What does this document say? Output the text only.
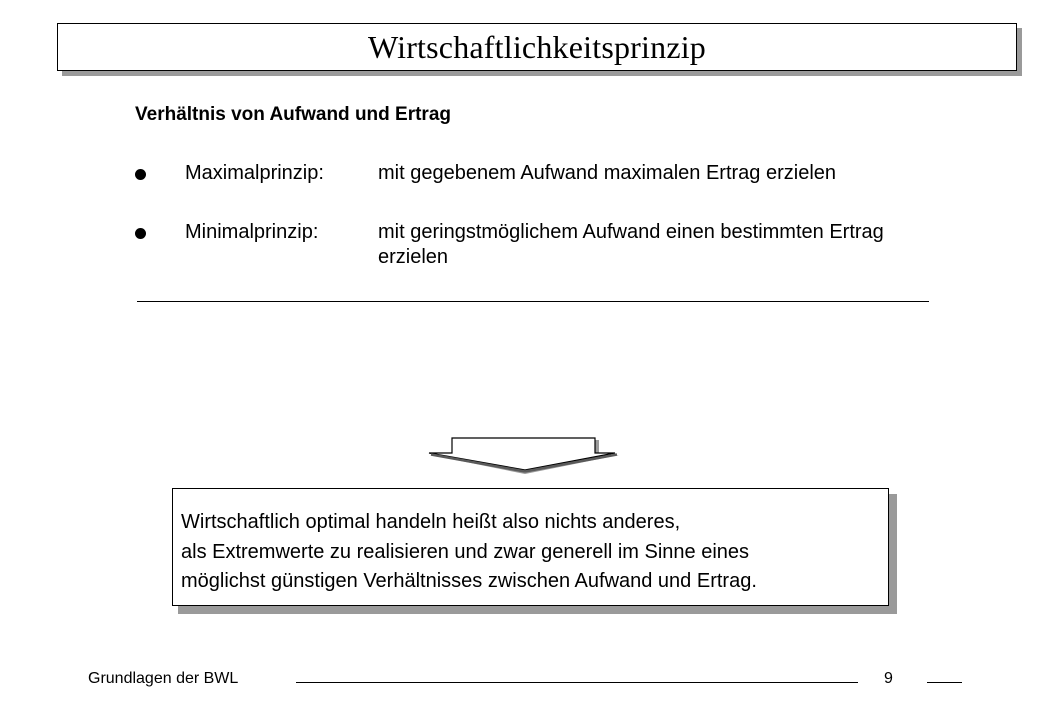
Wirtschaftlichkeitsprinzip
Verhältnis von Aufwand und Ertrag
Maximalprinzip:	mit gegebenem Aufwand maximalen Ertrag erzielen
Minimalprinzip:	mit geringstmöglichem Aufwand einen bestimmten Ertrag erzielen
Wirtschaftlich optimal handeln heißt also nichts anderes,
als Extremwerte zu realisieren und zwar generell im Sinne eines
möglichst günstigen Verhältnisses zwischen Aufwand und Ertrag.
Grundlagen der BWL	9
